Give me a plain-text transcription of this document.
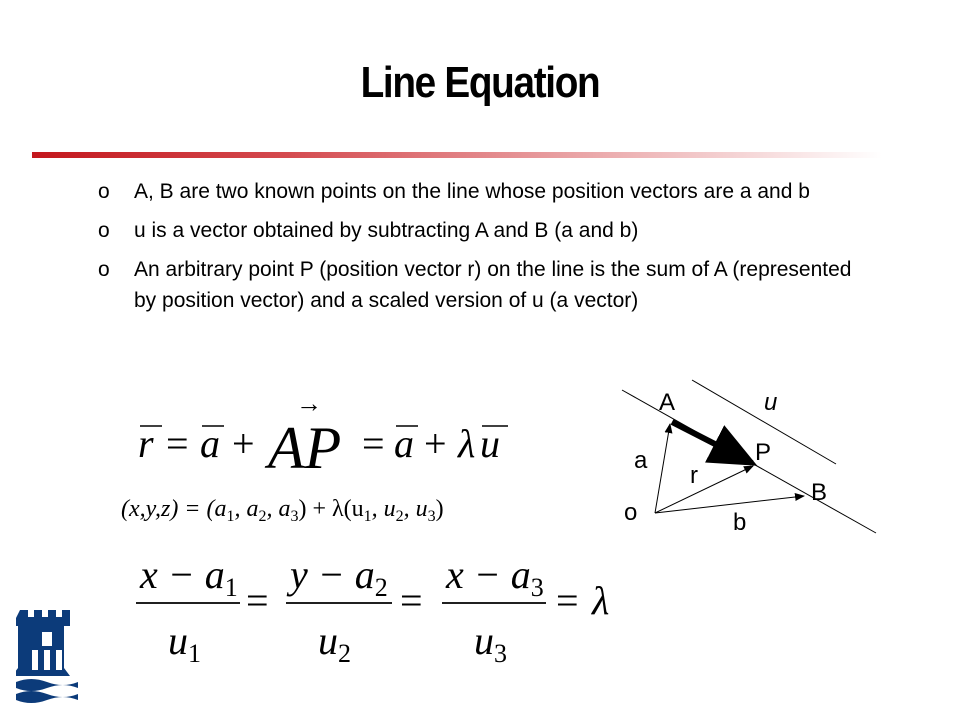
Line Equation
o A, B are two known points on the line whose position vectors are a and b
o u is a vector obtained by subtracting A and B (a and b)
o An arbitrary point P (position vector r) on the line is the sum of A (represented by position vector) and a scaled version of u (a vector)
r = a +
→
AP = a + λ u
$(x,y,z) = (a_1$, $a_2$, $a_3) + \lambda(u_1$, $u_2$, $u_3$)
$x - a_1$
$u_1$
=
$y - a_2$
$u_2$
=
$x - a_3$
$u_3$
= λ
A	u
a	P
r
B
o	b
